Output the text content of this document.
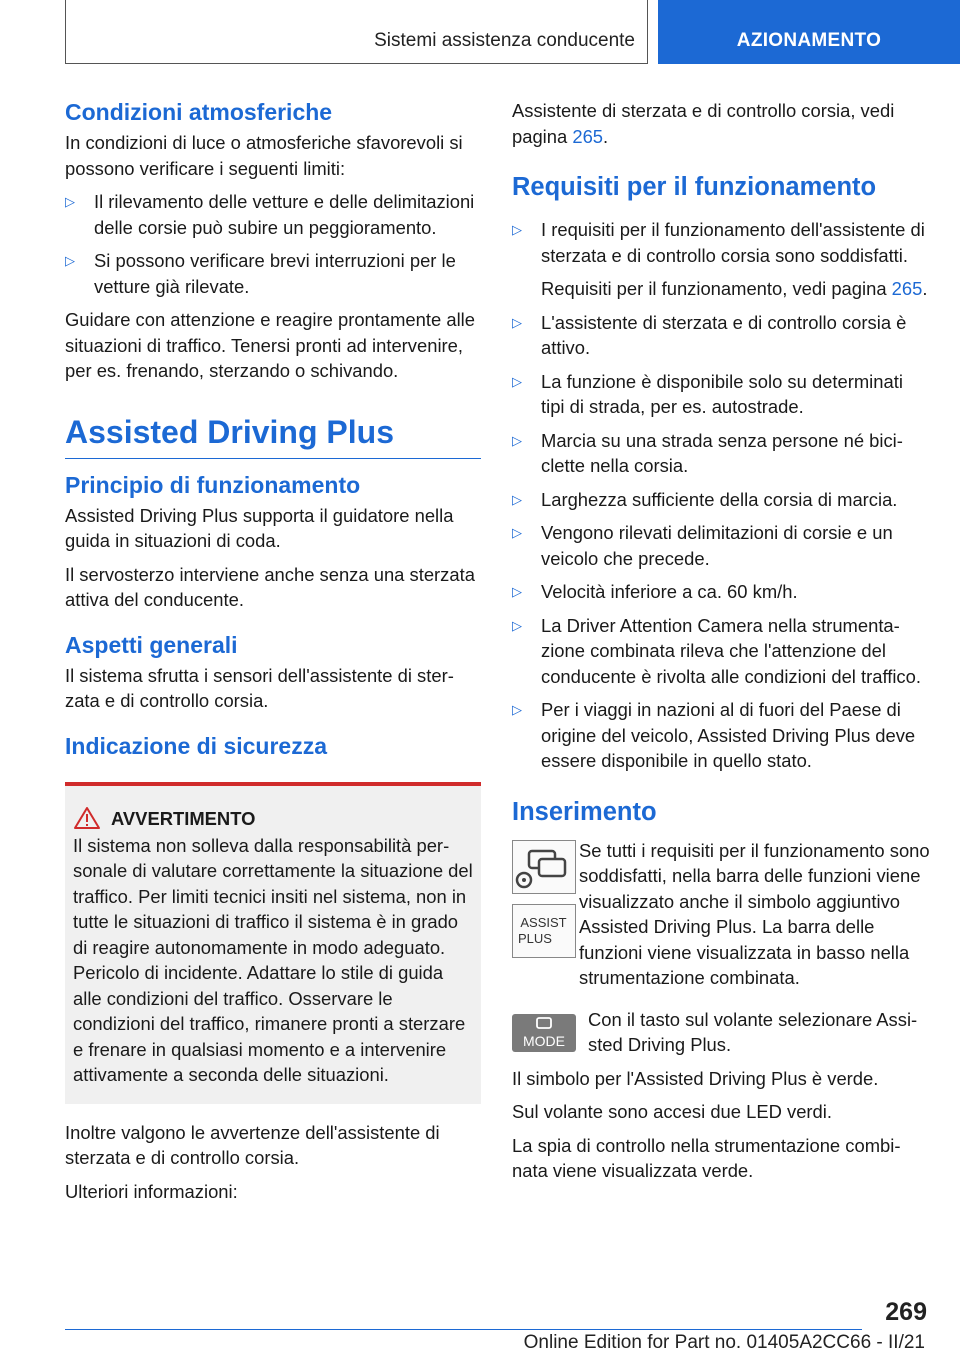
Sistemi assistenza conducente	AZIONAMENTO
Condizioni atmosferiche

In condizioni di luce o atmosferiche sfavorevoli si possono verificare i seguenti limiti:

▷ Il rilevamento delle vetture e delle delimitazioni delle corsie può subire un peggioramento.
▷ Si possono verificare brevi interruzioni per le vetture già rilevate.

Guidare con attenzione e reagire prontamente alle situazioni di traffico. Tenersi pronti ad intervenire, per es. frenando, sterzando o schivando.

Assisted Driving Plus
Principio di funzionamento

Assisted Driving Plus supporta il guidatore nella guida in situazioni di coda.

Il servosterzo interviene anche senza una sterzata attiva del conducente.

Aspetti generali

Il sistema sfrutta i sensori dell'assistente di sterzata e di controllo corsia.

Indicazione di sicurezza
AVVERTIMENTO

Il sistema non solleva dalla responsabilità personale di valutare correttamente la situazione del traffico. Per limiti tecnici insiti nel sistema, non in tutte le situazioni di traffico il sistema è in grado di reagire autonomamente in modo adeguato. Pericolo di incidente. Adattare lo stile di guida alle condizioni del traffico. Osservare le condizioni del traffico, rimanere pronti a sterzare e frenare in qualsiasi momento e a intervenire attivamente a seconda delle situazioni.

Inoltre valgono le avvertenze dell'assistente di sterzata e di controllo corsia.

Ulteriori informazioni:

Assistente di sterzata e di controllo corsia, vedi pagina 265.

Requisiti per il funzionamento
▷ I requisiti per il funzionamento dell'assistente di sterzata e di controllo corsia sono soddisfatti.
Requisiti per il funzionamento, vedi pagina 265.
▷ L'assistente di sterzata e di controllo corsia è attivo.
▷ La funzione è disponibile solo su determinati tipi di strada, per es. autostrade.
▷ Marcia su una strada senza persone né biciclette nella corsia.
▷ Larghezza sufficiente della corsia di marcia.
▷ Vengono rilevati delimitazioni di corsie e un veicolo che precede.
▷ Velocità inferiore a ca. 60 km/h.
▷ La Driver Attention Camera nella strumentazione combinata rileva che l'attenzione del conducente è rivolta alle condizioni del traffico.
▷ Per i viaggi in nazioni al di fuori del Paese di origine del veicolo, Assisted Driving Plus deve essere disponibile in quello stato.
Inserimento
ASSIST
PLUS

Se tutti i requisiti per il funzionamento sono soddisfatti, nella barra delle funzioni viene visualizzato anche il simbolo aggiuntivo Assisted Driving Plus. La barra delle funzioni viene visualizzata in basso nella strumentazione combinata.

MODE

Con il tasto sul volante selezionare Assisted Driving Plus.

Il simbolo per l'Assisted Driving Plus è verde.

Sul volante sono accesi due LED verdi.

La spia di controllo nella strumentazione combinata viene visualizzata verde.

269
Online Edition for Part no. 01405A2CC66 - II/21
